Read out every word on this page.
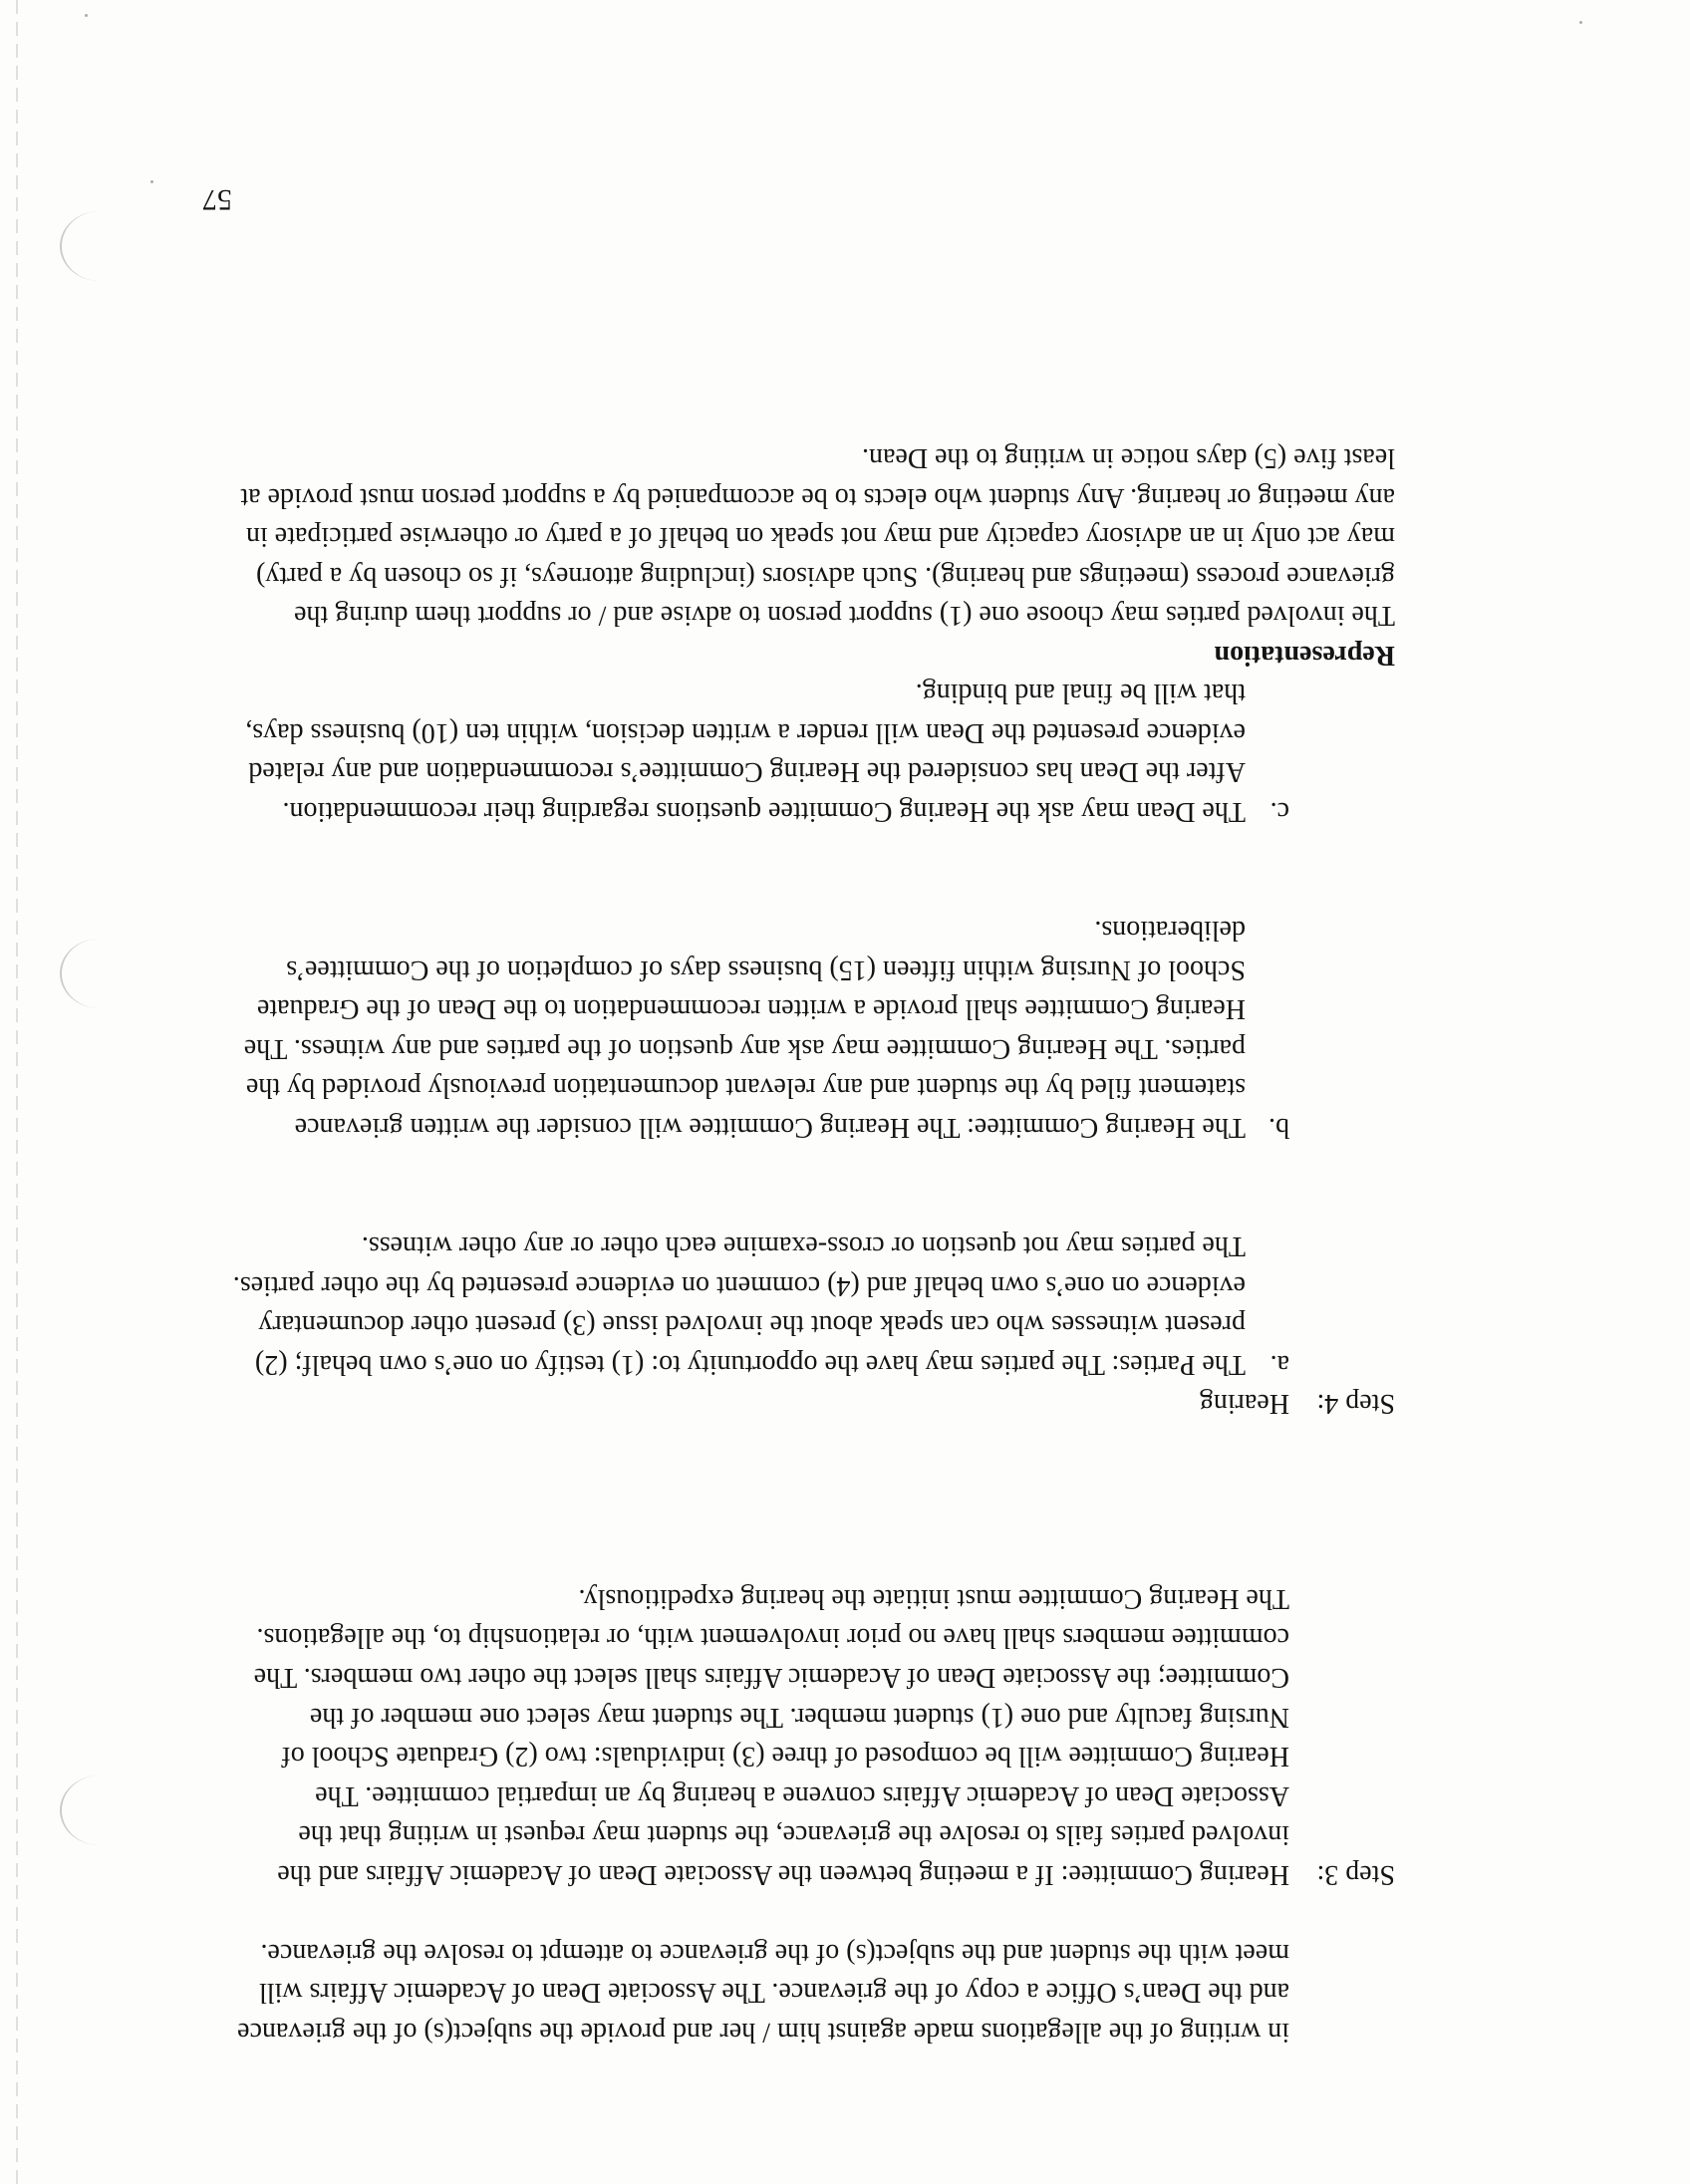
in writing of the allegations made against him / her and provide the subject(s) of the grievance and the Dean’s Office a copy of the grievance. The Associate Dean of Academic Affairs will meet with the student and the subject(s) of the grievance to attempt to resolve the grievance.

Step 3:

Hearing Committee: If a meeting between the Associate Dean of Academic Affairs and the involved parties fails to resolve the grievance, the student may request in writing that the Associate Dean of Academic Affairs convene a hearing by an impartial committee. The Hearing Committee will be composed of three (3) individuals: two (2) Graduate School of Nursing faculty and one (1) student member. The student may select one member of the Committee; the Associate Dean of Academic Affairs shall select the other two members. The committee members shall have no prior involvement with, or relationship to, the allegations. The Hearing Committee must initiate the hearing expeditiously.

Step 4:

Hearing

a.

The Parties: The parties may have the opportunity to: (1) testify on one’s own behalf; (2) present witnesses who can speak about the involved issue (3) present other documentary evidence on one’s own behalf and (4) comment on evidence presented by the other parties. The parties may not question or cross-examine each other or any other witness.

b.

The Hearing Committee: The Hearing Committee will consider the written grievance statement filed by the student and any relevant documentation previously provided by the parties. The Hearing Committee may ask any question of the parties and any witness. The Hearing Committee shall provide a written recommendation to the Dean of the Graduate School of Nursing within fifteen (15) business days of completion of the Committee’s deliberations.

c.

The Dean may ask the Hearing Committee questions regarding their recommendation. After the Dean has considered the Hearing Committee’s recommendation and any related evidence presented the Dean will render a written decision, within ten (10) business days, that will be final and binding.

Representation

The involved parties may choose one (1) support person to advise and / or support them during the grievance process (meetings and hearing). Such advisors (including attorneys, if so chosen by a party) may act only in an advisory capacity and may not speak on behalf of a party or otherwise participate in any meeting or hearing. Any student who elects to be accompanied by a support person must provide at least five (5) days notice in writing to the Dean.

57
